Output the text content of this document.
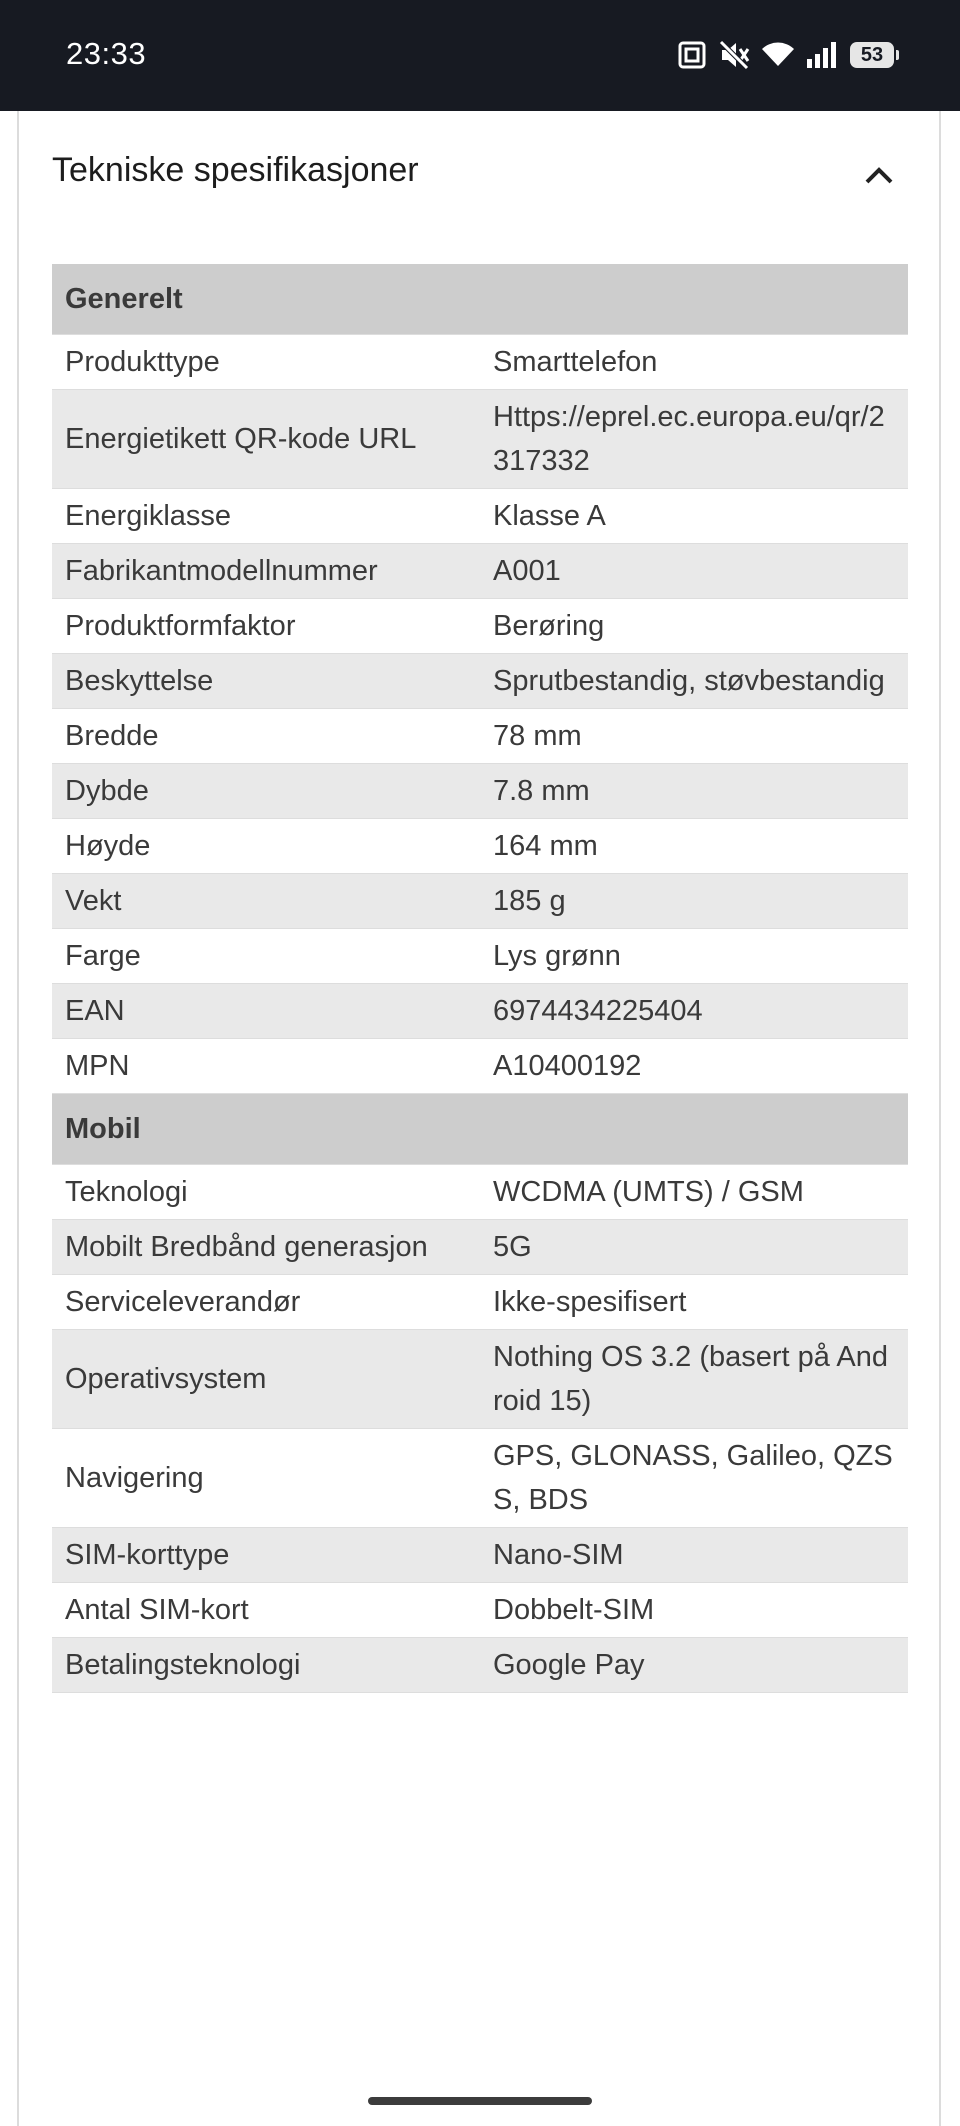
23:33	53
Tekniske spesifikasjoner
Generelt	
Produkttype	Smarttelefon
Energietikett QR-kode URL	Https://eprel.ec.europa.eu/qr/2317332
Energiklasse	Klasse A
Fabrikantmodellnummer	A001
Produktformfaktor	Berøring
Beskyttelse	Sprutbestandig, støvbestandig
Bredde	78 mm
Dybde	7.8 mm
Høyde	164 mm
Vekt	185 g
Farge	Lys grønn
EAN	6974434225404
MPN	A10400192
Mobil	
Teknologi	WCDMA (UMTS) / GSM
Mobilt Bredbånd generasjon	5G
Serviceleverandør	Ikke-spesifisert
Operativsystem	Nothing OS 3.2 (basert på Android 15)
Navigering	GPS, GLONASS, Galileo, QZSS, BDS
SIM-korttype	Nano-SIM
Antal SIM-kort	Dobbelt-SIM
Betalingsteknologi	Google Pay
